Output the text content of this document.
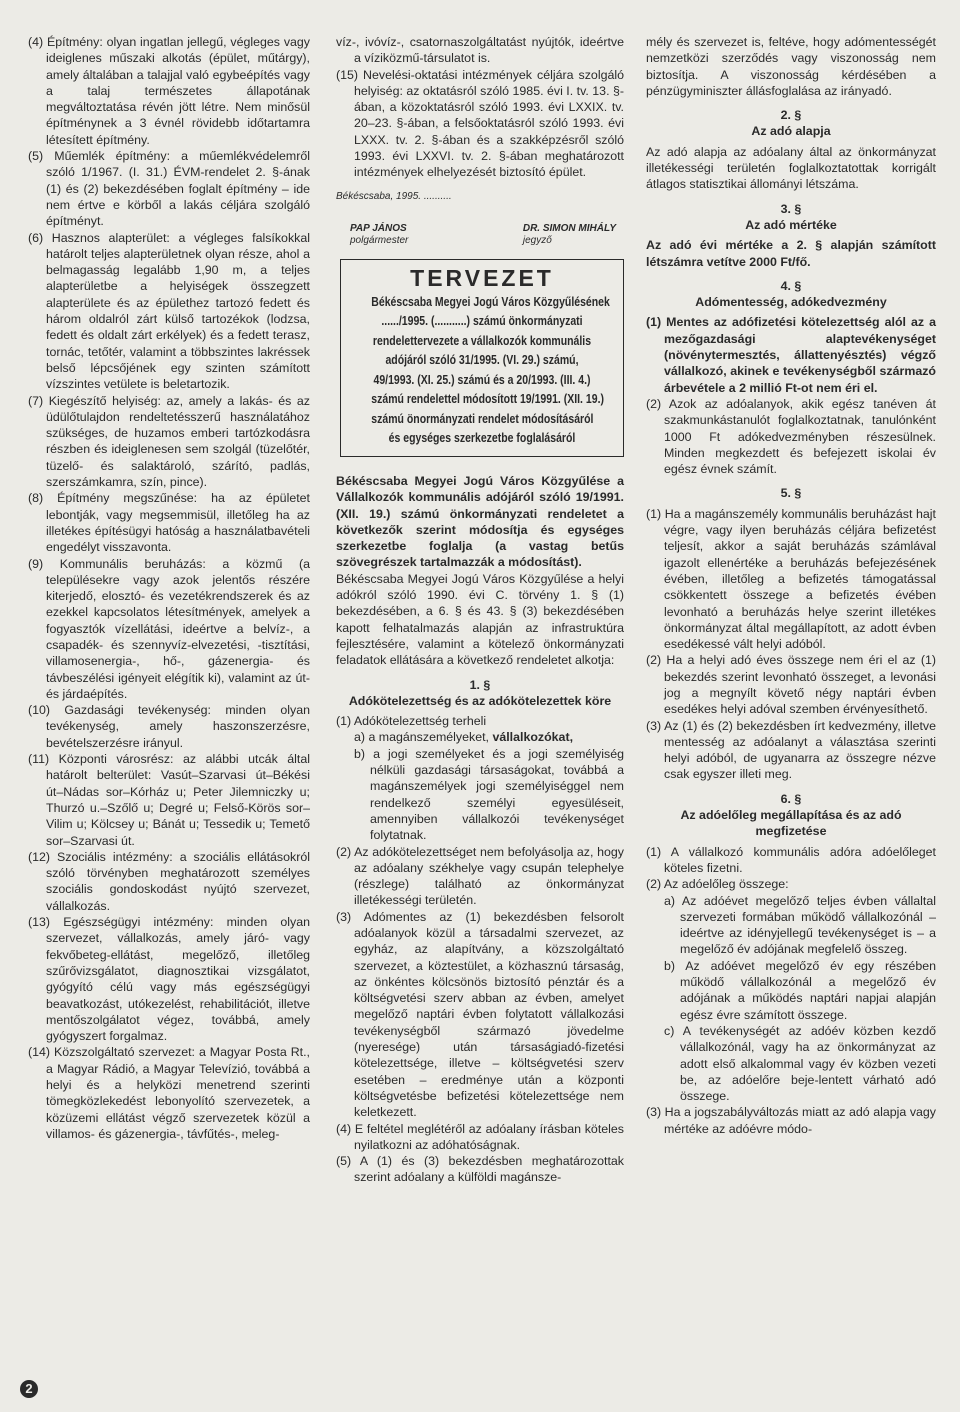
(4) Építmény: olyan ingatlan jellegű, végleges vagy ideiglenes műszaki alkotás (épület, műtárgy), amely általában a talajjal való egybeépítés vagy a talaj természetes állapotának megváltoztatása révén jött létre. Nem minősül építménynek a 3 évnél rövidebb időtartamra létesített építmény.
(5) Műemlék építmény: a műemlékvédelemről szóló 1/1967. (I. 31.) ÉVM-rendelet 2. §-ának (1) és (2) bekezdésében foglalt építmény – ide nem értve e körből a lakás céljára szolgáló építményt.
(6) Hasznos alapterület: a végleges falsíkokkal határolt teljes alapterületnek olyan része, ahol a belmagasság legalább 1,90 m, a teljes alapterületbe a helyiségek összegzett alapterülete és az épülethez tartozó fedett és három oldalról zárt külső tartozékok (lodzsa, fedett és oldalt zárt erkélyek) és a fedett terasz, tornác, tetőtér, valamint a többszintes lakréssek belső lépcsőjének egy szinten számított vízszintes vetülete is beletartozik.
(7) Kiegészítő helyiség: az, amely a lakás- és az üdülőtulajdon rendeltetésszerű használatához szükséges, de huzamos emberi tartózkodásra részben és ideiglenesen sem szolgál (tüzelőtér, tüzelő- és salaktároló, szárító, padlás, szerszámkamra, szín, pince).
(8) Építmény megszűnése: ha az épületet lebontják, vagy megsemmisül, illetőleg ha az illetékes építésügyi hatóság a használatbavételi engedélyt visszavonta.
(9) Kommunális beruházás: a közmű (a településekre vagy azok jelentős részére kiterjedő, elosztó- és vezetékrendszerek és az ezekkel kapcsolatos létesítmények, amelyek a fogyasztók vízellátási, ideértve a belvíz-, a csapadék- és szennyvíz-elvezetési, -tisztítási, villamosenergia-, hő-, gázenergia- és távbeszélési igényeit elégítik ki), valamint az út- és járdaépítés.
(10) Gazdasági tevékenység: minden olyan tevékenység, amely haszonszerzésre, bevételszerzésre irányul.
(11) Központi városrész: az alábbi utcák által határolt belterület: Vasút–Szarvasi út–Békési út–Nádas sor–Kórház u; Peter Jilemniczky u; Thurzó u.–Szőlő u; Degré u; Felső-Körös sor–Vilim u; Kölcsey u; Bánát u; Tessedik u; Temető sor–Szarvasi út.
(12) Szociális intézmény: a szociális ellátásokról szóló törvényben meghatározott személyes szociális gondoskodást nyújtó szervezet, vállalkozás.
(13) Egészségügyi intézmény: minden olyan szervezet, vállalkozás, amely járó- vagy fekvőbeteg-ellátást, megelőző, illetőleg szűrővizsgálatot, diagnosztikai vizsgálatot, gyógyító célú vagy más egészségügyi beavatkozást, utókezelést, rehabilitációt, illetve mentőszolgálatot végez, továbbá, amely gyógyszert forgalmaz.
(14) Közszolgáltató szervezet: a Magyar Posta Rt., a Magyar Rádió, a Magyar Televízió, továbbá a helyi és a helyközi menetrend szerinti tömegközlekedést lebonyolító szervezetek, a közüzemi ellátást végző szervezetek közül a villamos- és gázenergia-, távfűtés-, meleg-
víz-, ivóvíz-, csatornaszolgáltatást nyújtók, ideértve a víziközmű-társulatot is.
(15) Nevelési-oktatási intézmények céljára szolgáló helyiség: az oktatásról szóló 1985. évi I. tv. 13. §-ában, a közoktatásról szóló 1993. évi LXXIX. tv. 20–23. §-ában, a felsőoktatásról szóló 1993. évi LXXX. tv. 2. §-ában és a szakképzésről szóló 1993. évi LXXVI. tv. 2. §-ában meghatározott intézmények elhelyezését biztosító épület.
Békéscsaba, 1995. ..........
PAP JÁNOS
polgármester
DR. SIMON MIHÁLY
jegyző
TERVEZET
Békéscsaba Megyei Jogú Város Közgyűlésének
....../1995. (...........) számú önkormányzati
rendelettervezete a vállalkozók kommunális
adójáról szóló 31/1995. (VI. 29.) számú,
49/1993. (XI. 25.) számú és a 20/1993. (III. 4.)
számú rendelettel módosított 19/1991. (XII. 19.)
számú önormányzati rendelet módosításáról
és egységes szerkezetbe foglalásáról
Békéscsaba Megyei Jogú Város Közgyűlése a Vállalkozók kommunális adójáról szóló 19/1991. (XII. 19.) számú önkormányzati rendeletet a következők szerint módosítja és egységes szerkezetbe foglalja (a vastag betűs szövegrészek tartalmazzák a módosítást).
Békéscsaba Megyei Jogú Város Közgyűlése a helyi adókról szóló 1990. évi C. törvény 1. § (1) bekezdésében, a 6. § és 43. § (3) bekezdésében kapott felhatalmazás alapján az infrastruktúra fejlesztésére, valamint a kötelező önkormányzati feladatok ellátására a következő rendeletet alkotja:
1. §
Adókötelezettség és az adókötelezettek köre
(1) Adókötelezettség terheli
a) a magánszemélyeket, vállalkozókat,
b) a jogi személyeket és a jogi személyiség nélküli gazdasági társaságokat, továbbá a magánszemélyek jogi személyiséggel nem rendelkező személyi egyesüléseit, amennyiben vállalkozói tevékenységet folytatnak.
(2) Az adókötelezettséget nem befolyásolja az, hogy az adóalany székhelye vagy csupán telephelye (részlege) található az önkormányzat illetékességi területén.
(3) Adómentes az (1) bekezdésben felsorolt adóalanyok közül a társadalmi szervezet, az egyház, az alapítvány, a közszolgáltató szervezet, a köztestület, a közhasznú társaság, az önkéntes kölcsönös biztosító pénztár és a költségvetési szerv abban az évben, amelyet megelőző naptári évben folytatott vállalkozási tevékenységből származó jövedelme (nyeresége) után társaságiadó-fizetési kötelezettsége, illetve – költségvetési szerv esetében – eredménye után a központi költségvetésbe befizetési kötelezettsége nem keletkezett.
(4) E feltétel meglétéről az adóalany írásban köteles nyilatkozni az adóhatóságnak.
(5) A (1) és (3) bekezdésben meghatározottak szerint adóalany a külföldi magánsze-
mély és szervezet is, feltéve, hogy adómentességét nemzetközi szerződés vagy viszonosság nem biztosítja. A viszonosság kérdésében a pénzügyminiszter állásfoglalása az irányadó.
2. §
Az adó alapja
Az adó alapja az adóalany által az önkormányzat illetékességi területén foglalkoztatottak korrigált átlagos statisztikai állományi létszáma.
3. §
Az adó mértéke
Az adó évi mértéke a 2. § alapján számított létszámra vetítve 2000 Ft/fő.
4. §
Adómentesség, adókedvezmény
(1) Mentes az adófizetési kötelezettség alól az a mezőgazdasági alaptevékenységet (növénytermesztés, állattenyésztés) végző vállalkozó, akinek e tevékenységből származó árbevétele a 2 millió Ft-ot nem éri el.
(2) Azok az adóalanyok, akik egész tanéven át szakmunkástanulót foglalkoztatnak, tanulónként 1000 Ft adókedvezményben részesülnek. Minden megkezdett és befejezett iskolai év egész évnek számít.
5. §
(1) Ha a magánszemély kommunális beruházást hajt végre, vagy ilyen beruházás céljára befizetést teljesít, akkor a saját beruházás számlával igazolt ellenértéke a beruházás befejezésének évében, illetőleg a befizetés támogatással csökkentett összege a befizetés évében levonható a beruházás helye szerint illetékes önkormányzat által megállapított, az adott évben esedékessé vált helyi adóból.
(2) Ha a helyi adó éves összege nem éri el az (1) bekezdés szerint levonható összeget, a levonási jog a megnyílt követő négy naptári évben esedékes helyi adóval szemben érvényesíthető.
(3) Az (1) és (2) bekezdésben írt kedvezmény, illetve mentesség az adóalanyt a választása szerinti helyi adóból, de ugyanarra az összegre nézve csak egyszer illeti meg.
6. §
Az adóelőleg megállapítása és az adó megfizetése
(1) A vállalkozó kommunális adóra adóelőleget köteles fizetni.
(2) Az adóelőleg összege:
a) Az adóévet megelőző teljes évben vállaltal szervezeti formában működő vállalkozónál – ideértve az idényjellegű tevékenységet is – a megelőző év adójának megfelelő összeg.
b) Az adóévet megelőző év egy részében működő vállalkozónál a megelőző év adójának a működés naptári napjai alapján egész évre számított összege.
c) A tevékenységét az adóév közben kezdő vállalkozónál, vagy ha az önkormányzat az adott első alkalommal vagy év közben vezeti be, az adóelőre beje-lentett várható adó összege.
(3) Ha a jogszabályváltozás miatt az adó alapja vagy mértéke az adóévre módo-
2
